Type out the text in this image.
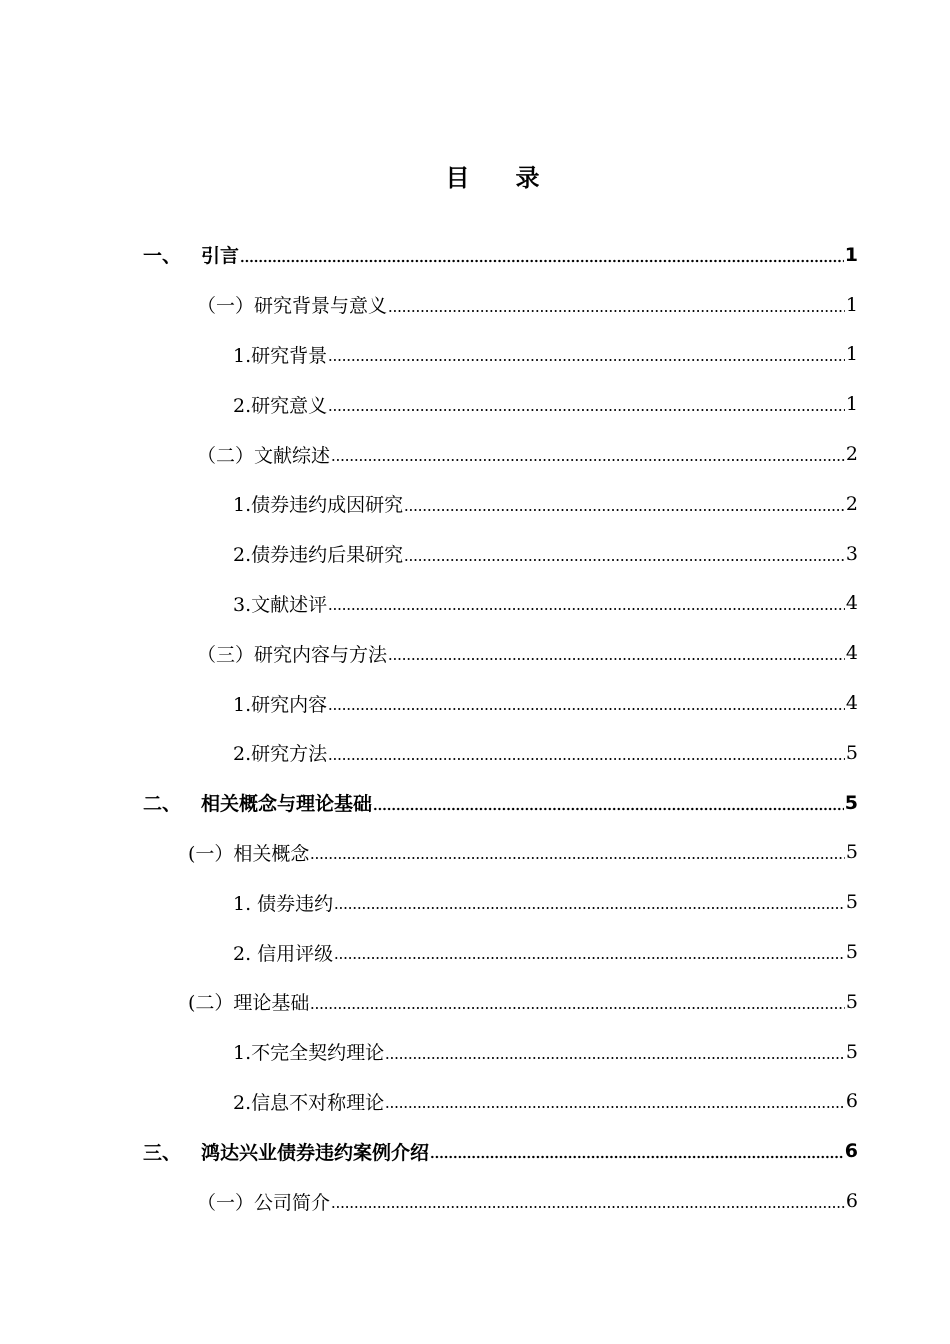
目 录
一、	引言	1
（一） 研究背景与意义	1
1.研究背景	1
2.研究意义	1
（二） 文献综述	2
1.债券违约成因研究	2
2.债券违约后果研究	3
3.文献述评	4
（三） 研究内容与方法	4
1.研究内容	4
2.研究方法	5
二、	相关概念与理论基础	5
(一） 相关概念	5
1. 债券违约	5
2. 信用评级	5
(二） 理论基础	5
1.不完全契约理论	5
2.信息不对称理论	6
三、	鸿达兴业债券违约案例介绍	6
（一） 公司简介	6
